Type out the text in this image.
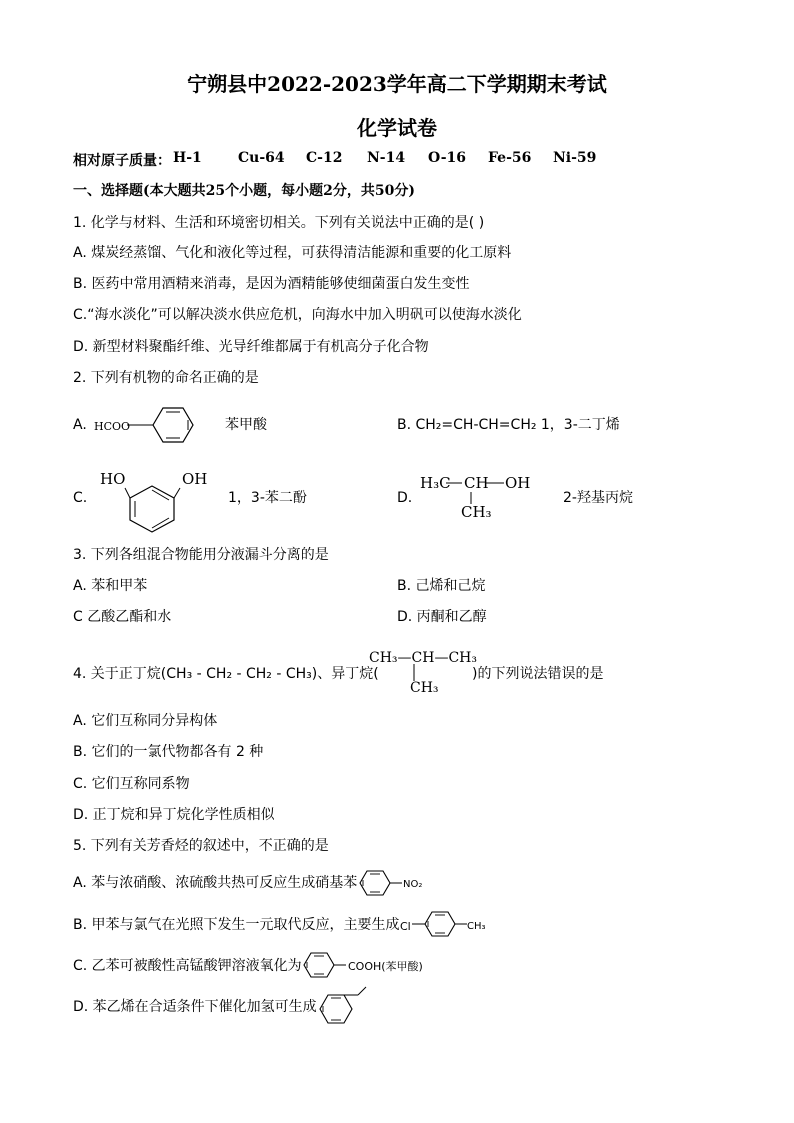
宁朔县中2022-2023学年高二下学期期末考试
化学试卷
相对原子质量： H-1	Cu-64 C-12 N-14 O-16 Fe-56 Ni-59
一、选择题(本大题共25个小题，每小题2分，共50分)
1. 化学与材料、生活和环境密切相关。下列有关说法中正确的是( )
A. 煤炭经蒸馏、气化和液化等过程，可获得清洁能源和重要的化工原料
B. 医药中常用酒精来消毒，是因为酒精能够使细菌蛋白发生变性
C.“海水淡化”可以解决淡水供应危机，向海水中加入明矾可以使海水淡化
D. 新型材料聚酯纤维、光导纤维都属于有机高分子化合物
2. 下列有机物的命名正确的是
A. HCOO	苯甲酸	B. CH₂=CH-CH=CH₂ 1，3-二丁烯
C.
HO	OH
1，3-苯二酚	D.
H₃C CH OH
CH₃
2-羟基丙烷
3. 下列各组混合物能用分液漏斗分离的是
A. 苯和甲苯	B. 己烯和己烷
C 乙酸乙酯和水	D. 丙酮和乙醇
CH₃—CH—CH₃
CH₃
4. 关于正丁烷(CH₃ - CH₂ - CH₂ - CH₃)、异丁烷(	)的下列说法错误的是
A. 它们互称同分异构体
B. 它们的一氯代物都各有 2 种
C. 它们互称同系物
D. 正丁烷和异丁烷化学性质相似
5. 下列有关芳香烃的叙述中，不正确的是
A. 苯与浓硝酸、浓硫酸共热可反应生成硝基苯	NO₂
B. 甲苯与氯气在光照下发生一元取代反应，主要生成 Cl	CH₃
C. 乙苯可被酸性高锰酸钾溶液氧化为	COOH(苯甲酸)
D. 苯乙烯在合适条件下催化加氢可生成
